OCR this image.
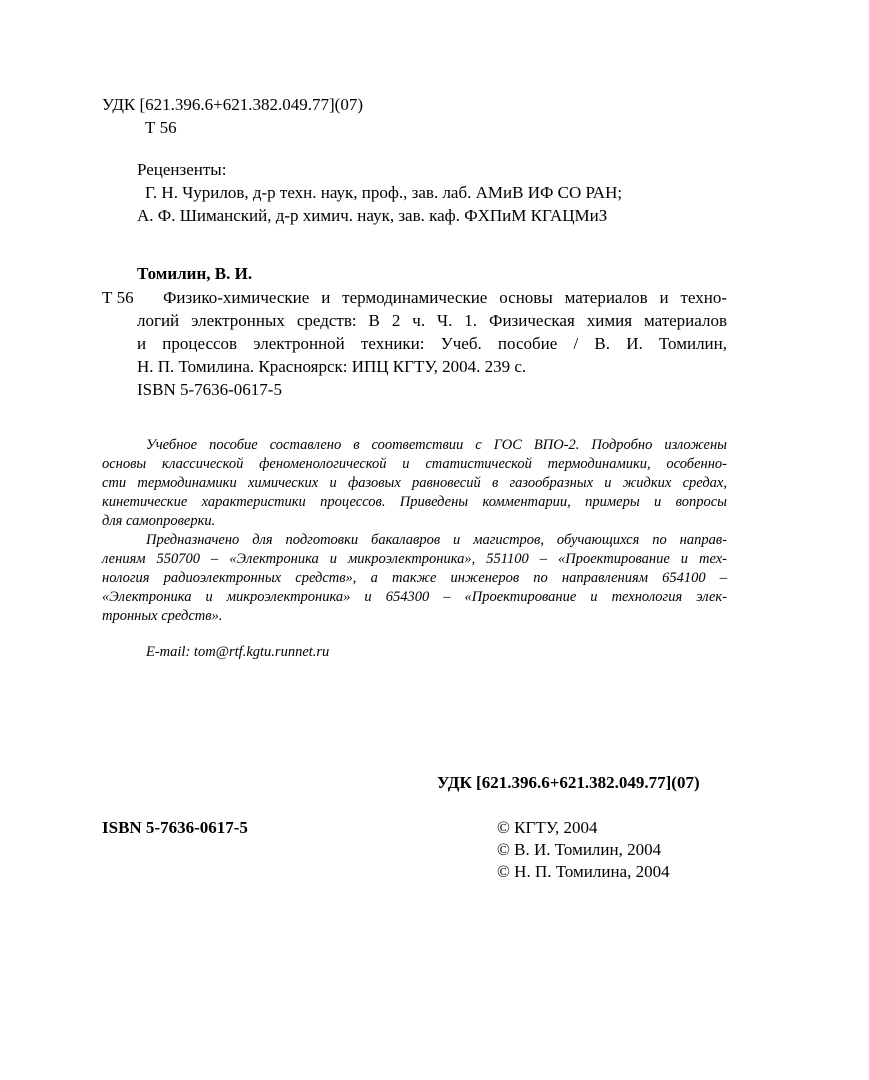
УДК [621.396.6+621.382.049.77](07)
Т 56
Рецензенты:
Г. Н. Чурилов, д-р техн. наук, проф., зав. лаб. АМиВ ИФ СО РАН;
А. Ф. Шиманский, д-р химич. наук, зав. каф. ФХПиМ КГАЦМиЗ
Томилин, В. И.
Т 56 Физико-химические и термодинамические основы материалов и техно-
логий электронных средств: В 2 ч. Ч. 1. Физическая химия материалов
и процессов электронной техники: Учеб. пособие / В. И. Томилин,
Н. П. Томилина. Красноярск: ИПЦ КГТУ, 2004. 239 с.
ISBN 5-7636-0617-5
Учебное пособие составлено в соответствии с ГОС ВПО-2. Подробно изложены
основы классической феноменологической и статистической термодинамики, особенно-
сти термодинамики химических и фазовых равновесий в газообразных и жидких средах,
кинетические характеристики процессов. Приведены комментарии, примеры и вопросы
для самопроверки.
Предназначено для подготовки бакалавров и магистров, обучающихся по направ-
лениям 550700 – «Электроника и микроэлектроника», 551100 – «Проектирование и тех-
нология радиоэлектронных средств», а также инженеров по направлениям 654100 –
«Электроника и микроэлектроника» и 654300 – «Проектирование и технология элек-
тронных средств».
E-mail: tom@rtf.kgtu.runnet.ru
УДК [621.396.6+621.382.049.77](07)
ISBN 5-7636-0617-5	© КГТУ, 2004
© В. И. Томилин, 2004
© Н. П. Томилина, 2004
